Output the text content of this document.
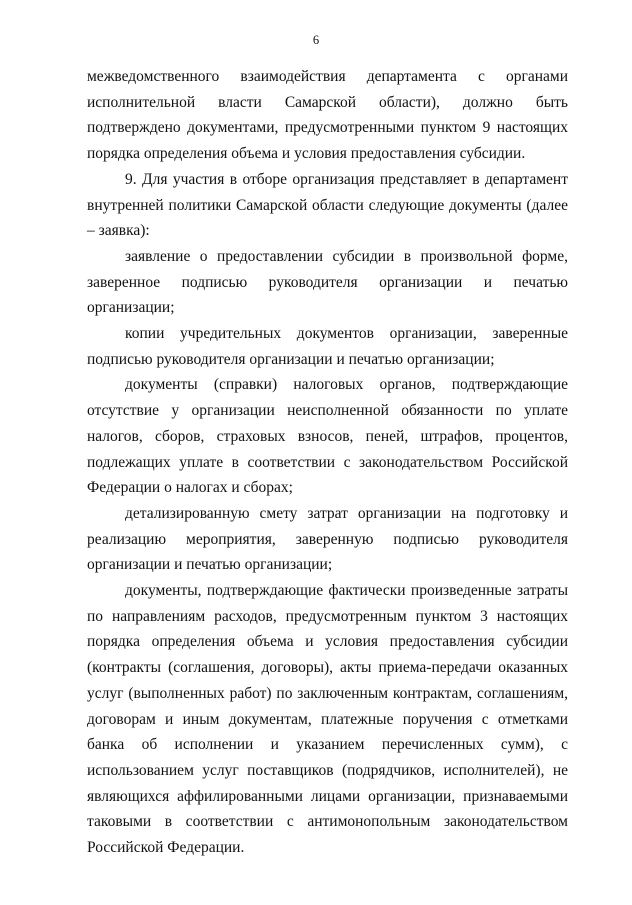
6

межведомственного взаимодействия департамента с органами исполнительной власти Самарской области), должно быть подтверждено документами, предусмотренными пунктом 9 настоящих порядка определения объема и условия предоставления субсидии.

9. Для участия в отборе организация представляет в департамент внутренней политики Самарской области следующие документы (далее – заявка):

заявление о предоставлении субсидии в произвольной форме, заверенное подписью руководителя организации и печатью организации;

копии учредительных документов организации, заверенные подписью руководителя организации и печатью организации;

документы (справки) налоговых органов, подтверждающие отсутствие у организации неисполненной обязанности по уплате налогов, сборов, страховых взносов, пеней, штрафов, процентов, подлежащих уплате в соответствии с законодательством Российской Федерации о налогах и сборах;

детализированную смету затрат организации на подготовку и реализацию мероприятия, заверенную подписью руководителя организации и печатью организации;

документы, подтверждающие фактически произведенные затраты по направлениям расходов, предусмотренным пунктом 3 настоящих порядка определения объема и условия предоставления субсидии (контракты (соглашения, договоры), акты приема-передачи оказанных услуг (выполненных работ) по заключенным контрактам, соглашениям, договорам и иным документам, платежные поручения с отметками банка об исполнении и указанием перечисленных сумм), с использованием услуг поставщиков (подрядчиков, исполнителей), не являющихся аффилированными лицами организации, признаваемыми таковыми в соответствии с антимонопольным законодательством Российской Федерации.
